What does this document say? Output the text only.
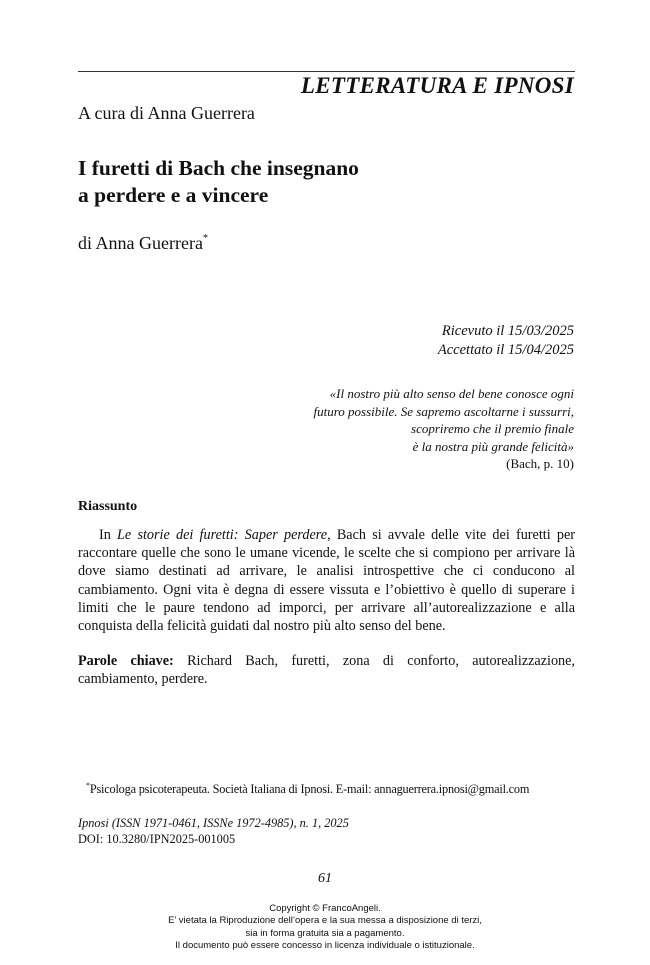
LETTERATURA E IPNOSI
A cura di Anna Guerrera
I furetti di Bach che insegnano
a perdere e a vincere
di Anna Guerrera*
Ricevuto il 15/03/2025
Accettato il 15/04/2025
«Il nostro più alto senso del bene conosce ogni
futuro possibile. Se sapremo ascoltarne i sussurri,
scopriremo che il premio finale
è la nostra più grande felicità»
(Bach, p. 10)
Riassunto

In Le storie dei furetti: Saper perdere, Bach si avvale delle vite dei furetti per raccontare quelle che sono le umane vicende, le scelte che si compiono per arrivare là dove siamo destinati ad arrivare, le analisi introspettive che ci conducono al cambiamento. Ogni vita è degna di essere vissuta e l’obiettivo è quello di superare i limiti che le paure tendono ad imporci, per arrivare all’autorealizzazione e alla conquista della felicità guidati dal nostro più alto senso del bene.

Parole chiave: Richard Bach, furetti, zona di conforto, autorealizzazione, cambiamento, perdere.

*Psicologa psicoterapeuta. Società Italiana di Ipnosi. E-mail: annaguerrera.ipnosi@gmail.com
Ipnosi (ISSN 1971-0461, ISSNe 1972-4985), n. 1, 2025
DOI: 10.3280/IPN2025-001005
61
Copyright © FrancoAngeli.
E’ vietata la Riproduzione dell’opera e la sua messa a disposizione di terzi,
sia in forma gratuita sia a pagamento.
Il documento può essere concesso in licenza individuale o istituzionale.
